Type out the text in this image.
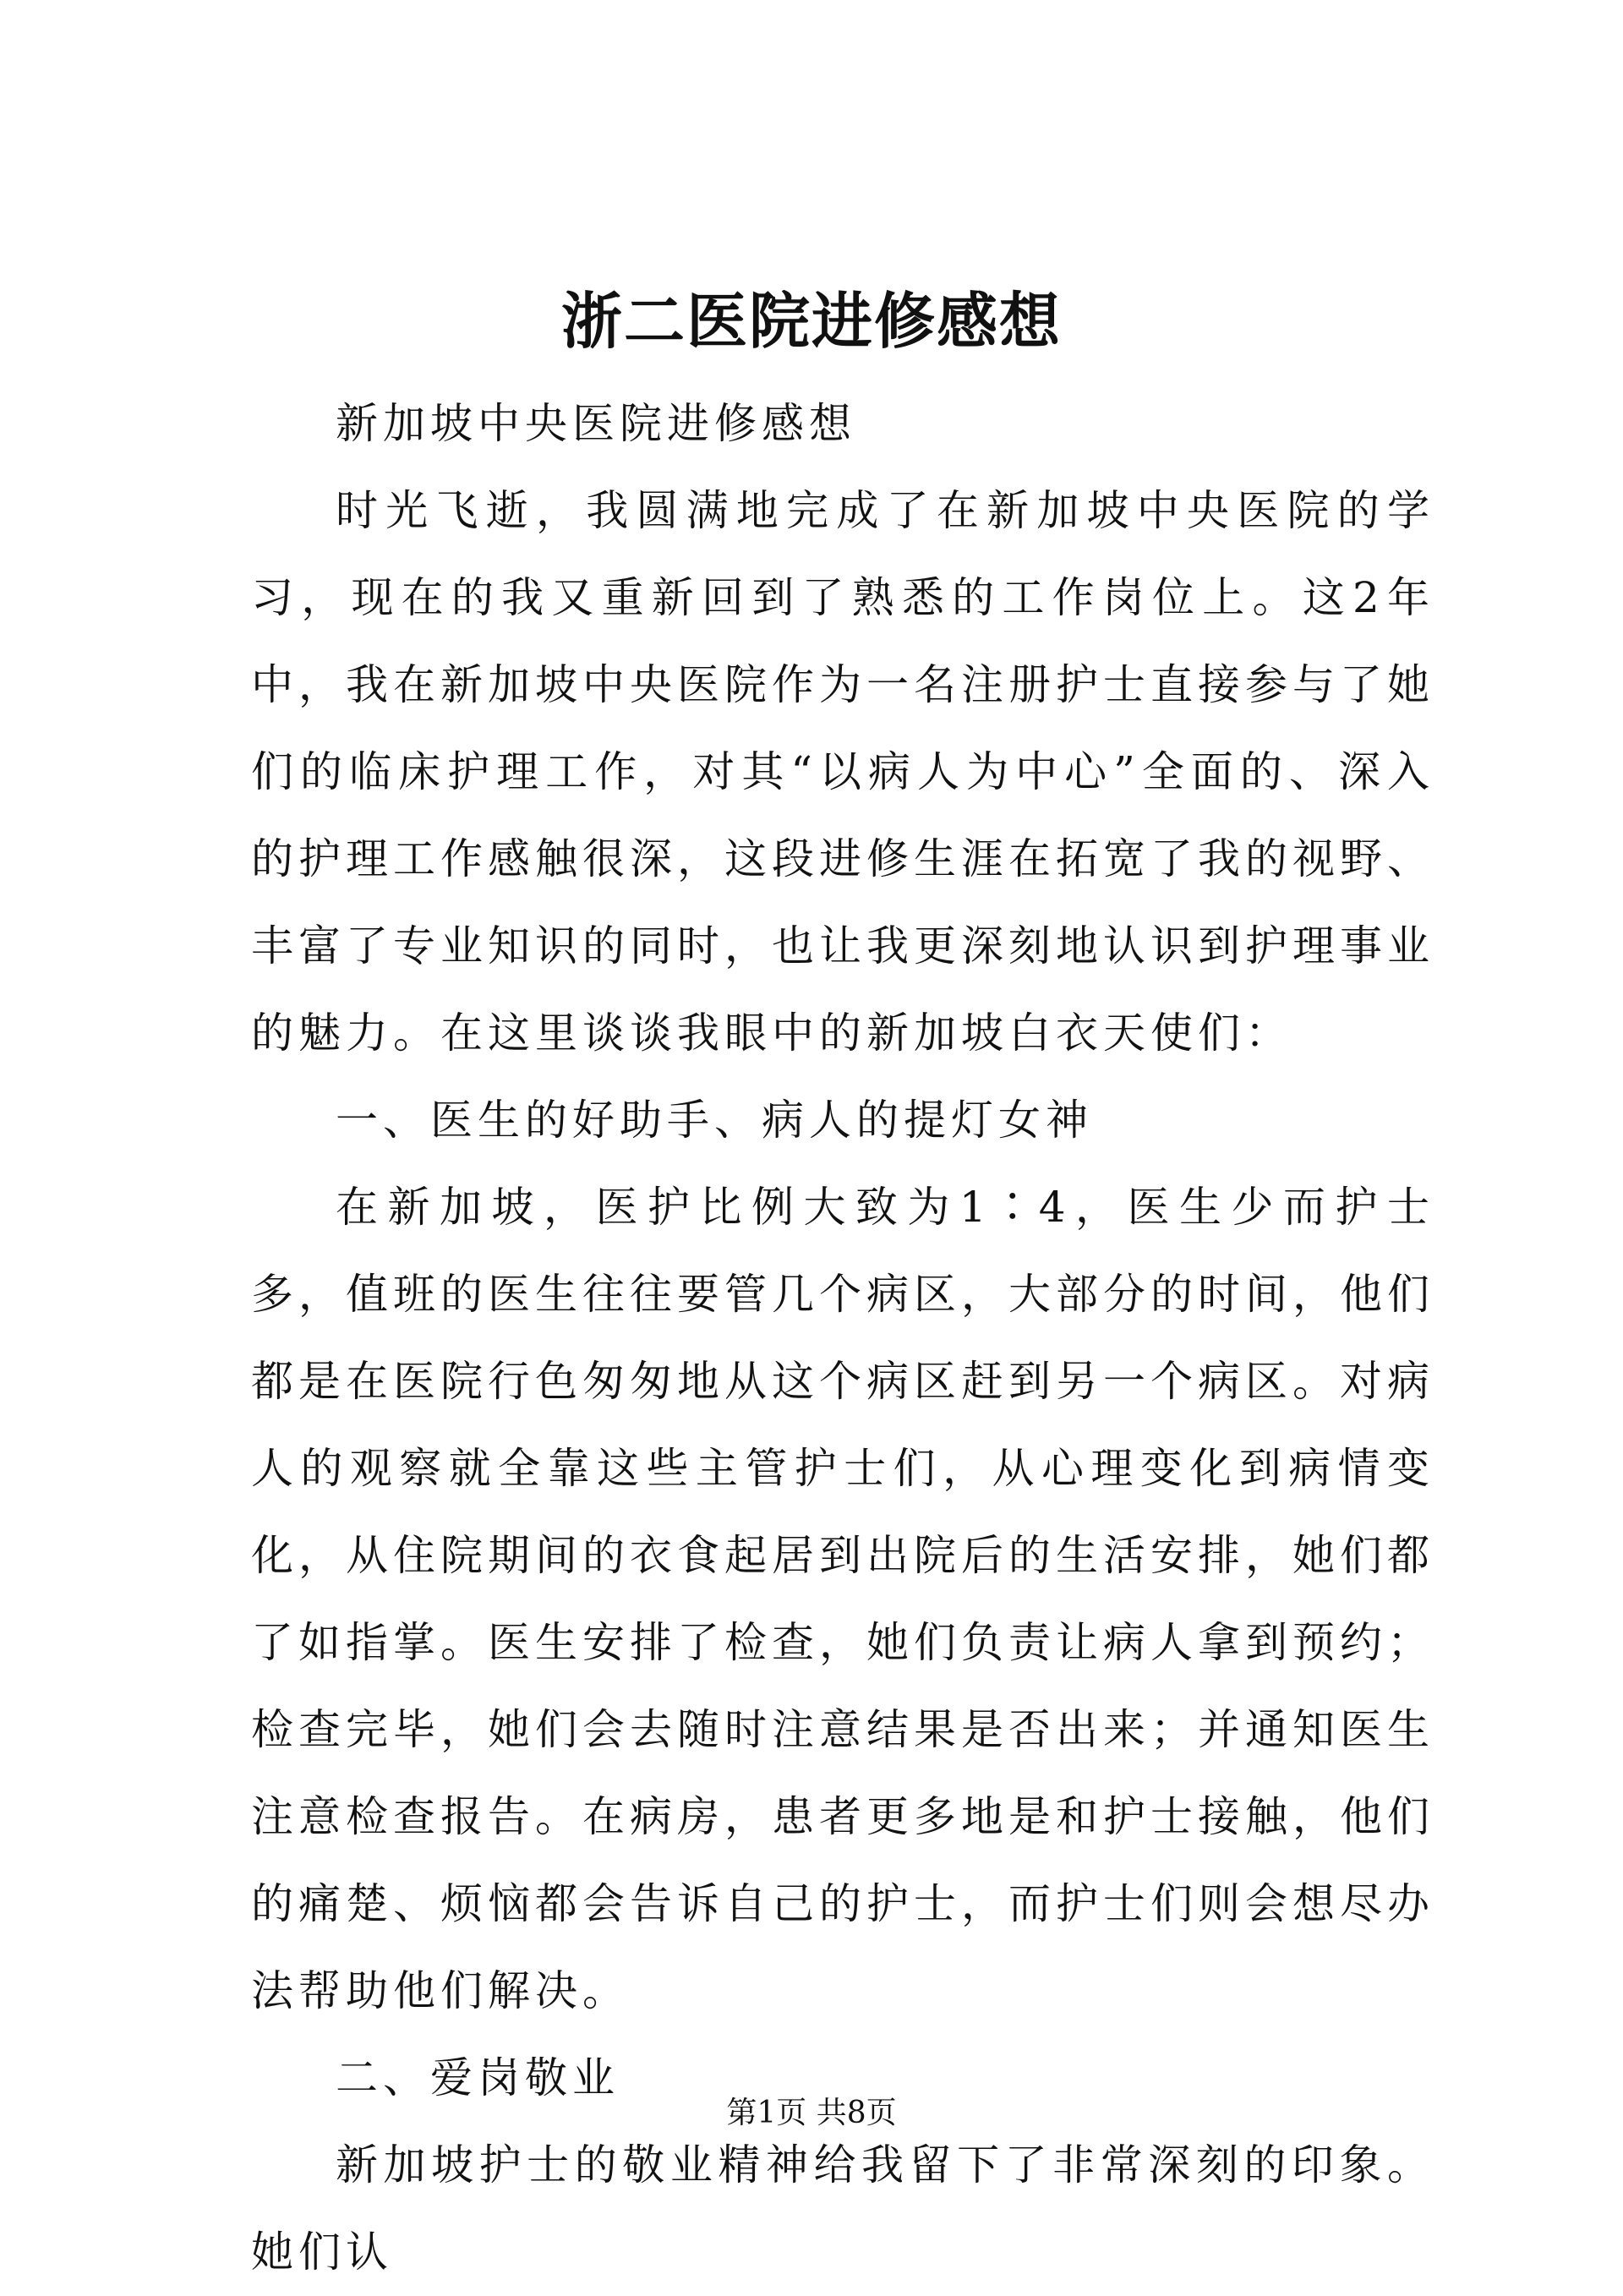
浙二医院进修感想

新加坡中央医院进修感想

时光飞逝，我圆满地完成了在新加坡中央医院的学习，现在的我又重新回到了熟悉的工作岗位上。这2年中，我在新加坡中央医院作为一名注册护士直接参与了她们的临床护理工作，对其“以病人为中心”全面的、深入的护理工作感触很深，这段进修生涯在拓宽了我的视野、丰富了专业知识的同时，也让我更深刻地认识到护理事业的魅力。在这里谈谈我眼中的新加坡白衣天使们：

一、医生的好助手、病人的提灯女神

在新加坡，医护比例大致为1∶4，医生少而护士多，值班的医生往往要管几个病区，大部分的时间，他们都是在医院行色匆匆地从这个病区赶到另一个病区。对病人的观察就全靠这些主管护士们，从心理变化到病情变化，从住院期间的衣食起居到出院后的生活安排，她们都了如指掌。医生安排了检查，她们负责让病人拿到预约；检查完毕，她们会去随时注意结果是否出来；并通知医生注意检查报告。在病房，患者更多地是和护士接触，他们的痛楚、烦恼都会告诉自己的护士，而护士们则会想尽办法帮助他们解决。

二、爱岗敬业

新加坡护士的敬业精神给我留下了非常深刻的印象。她们认

第1页 共8页
